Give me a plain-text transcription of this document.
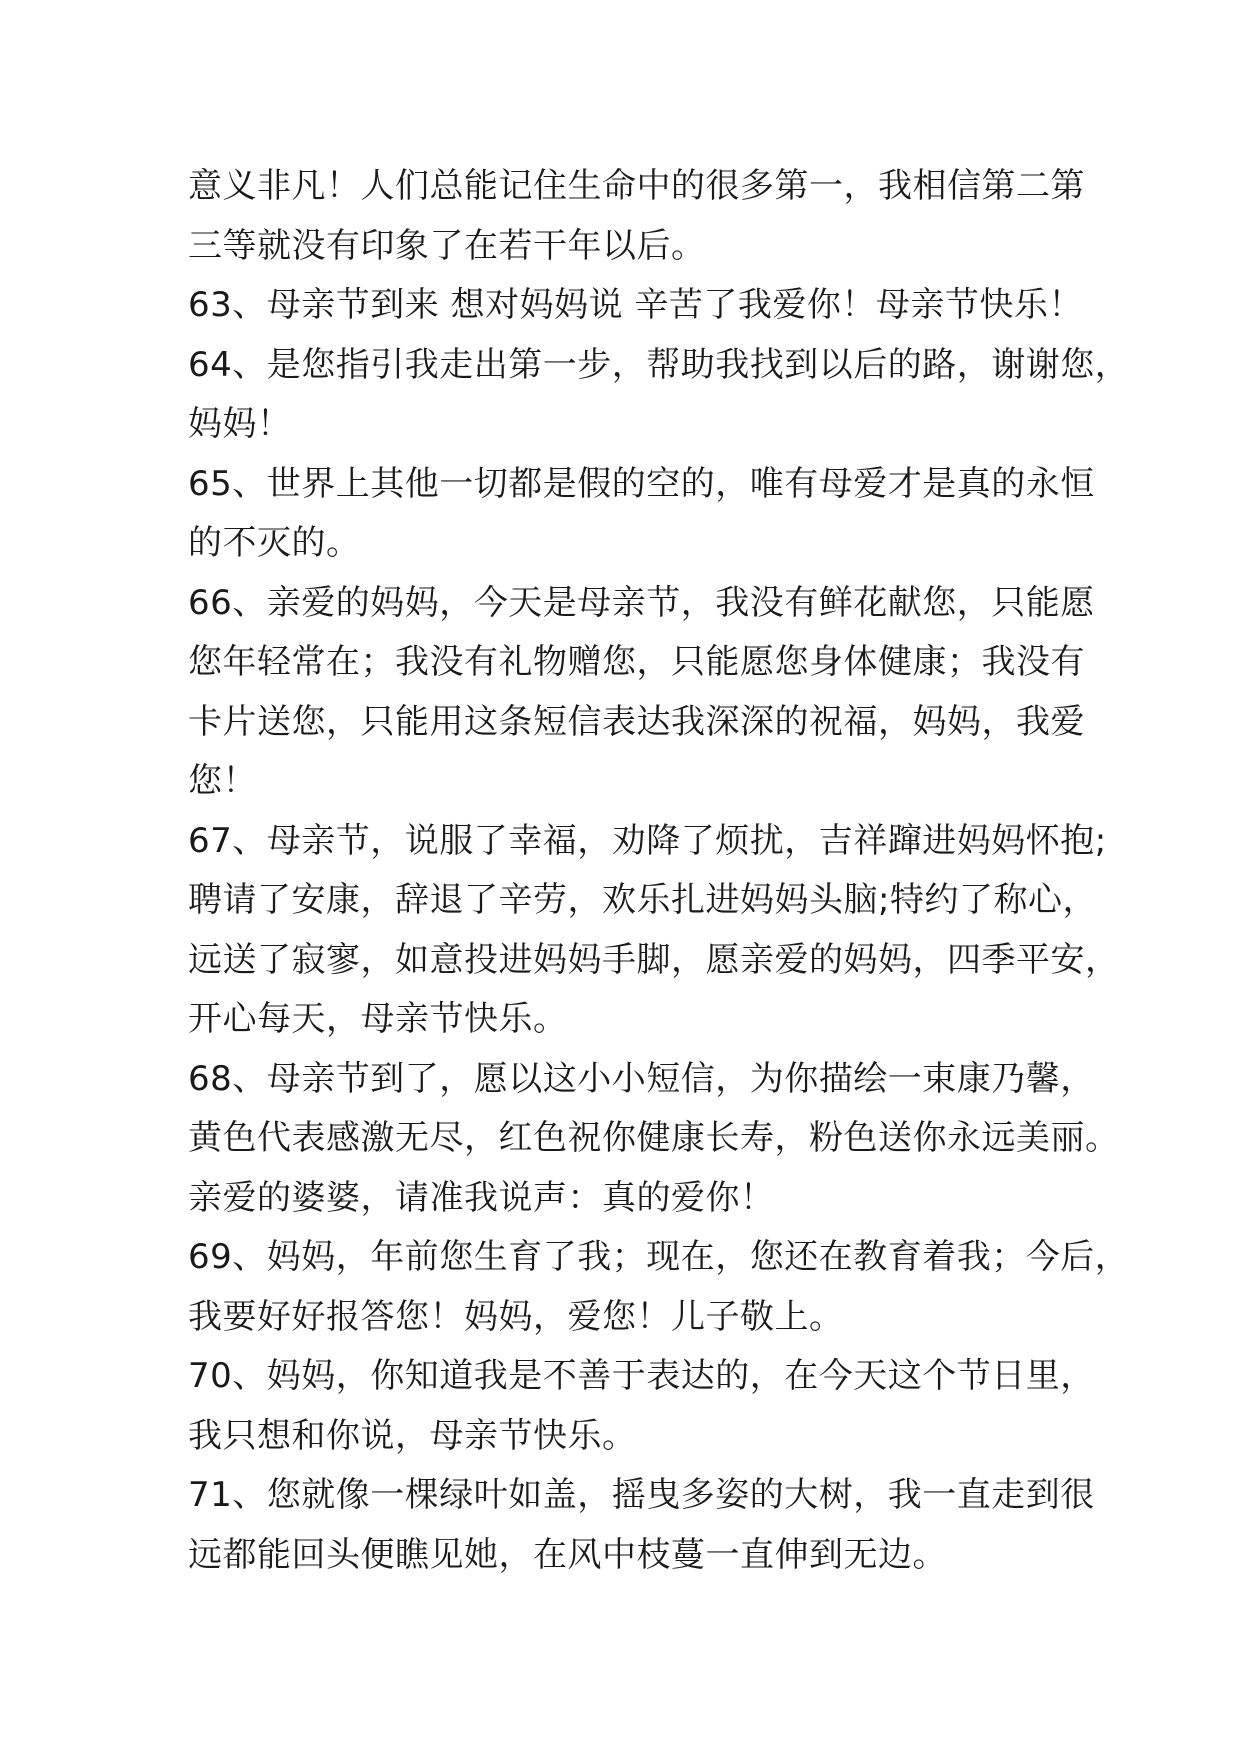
意义非凡！人们总能记住生命中的很多第一，我相信第二第
三等就没有印象了在若干年以后。
63、母亲节到来 想对妈妈说 辛苦了我爱你！母亲节快乐！
64、是您指引我走出第一步，帮助我找到以后的路，谢谢您，
妈妈！
65、世界上其他一切都是假的空的，唯有母爱才是真的永恒
的不灭的。
66、亲爱的妈妈，今天是母亲节，我没有鲜花献您，只能愿
您年轻常在；我没有礼物赠您，只能愿您身体健康；我没有
卡片送您，只能用这条短信表达我深深的祝福，妈妈，我爱
您！
67、母亲节，说服了幸福，劝降了烦扰，吉祥蹿进妈妈怀抱;
聘请了安康，辞退了辛劳，欢乐扎进妈妈头脑;特约了称心，
远送了寂寥，如意投进妈妈手脚，愿亲爱的妈妈，四季平安，
开心每天，母亲节快乐。
68、母亲节到了，愿以这小小短信，为你描绘一束康乃馨，
黄色代表感激无尽，红色祝你健康长寿，粉色送你永远美丽。
亲爱的婆婆，请准我说声：真的爱你！
69、妈妈，年前您生育了我；现在，您还在教育着我；今后，
我要好好报答您！妈妈，爱您！儿子敬上。
70、妈妈，你知道我是不善于表达的，在今天这个节日里，
我只想和你说，母亲节快乐。
71、您就像一棵绿叶如盖，摇曳多姿的大树，我一直走到很
远都能回头便瞧见她，在风中枝蔓一直伸到无边。
